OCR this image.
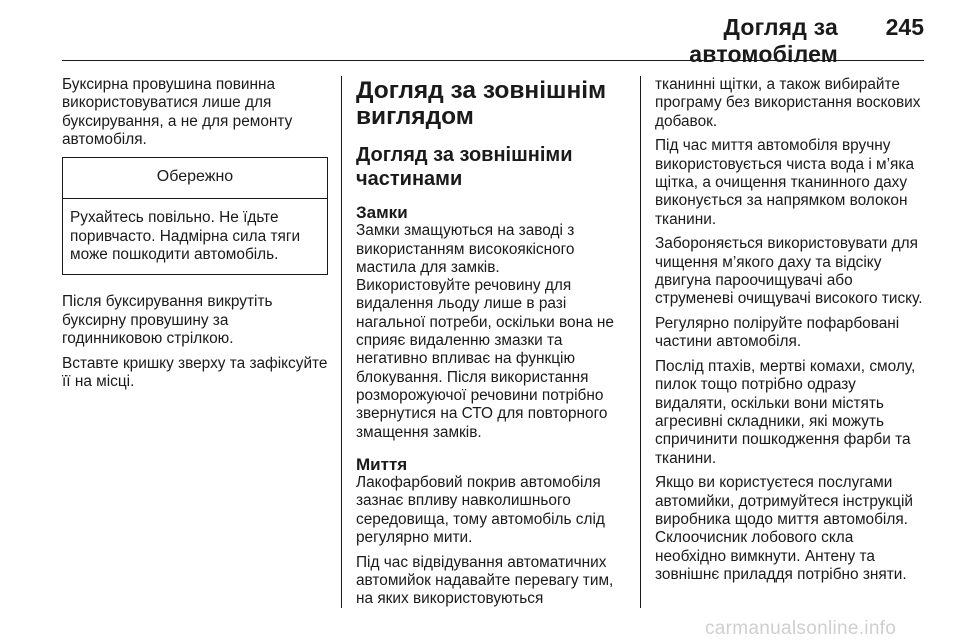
Догляд за автомобілем
245

Буксирна провушина повинна використовуватися лише для буксирування, а не для ремонту автомобіля.

Обережно
Рухайтесь повільно. Не їдьте поривчасто. Надмірна сила тяги може пошкодити автомобіль.

Після буксирування викрутіть буксирну провушину за годинниковою стрілкою.

Вставте кришку зверху та зафіксуйте її на місці.

Догляд за зовнішнім виглядом
Догляд за зовнішніми частинами
Замки

Замки змащуються на заводі з використанням високоякісного мастила для замків.

Використовуйте речовину для видалення льоду лише в разі нагальної потреби, оскільки вона не сприяє видаленню змазки та негативно впливає на функцію блокування. Після використання розморожуючої речовини потрібно звернутися на СТО для повторного змащення замків.

Миття

Лакофарбовий покрив автомобіля зазнає впливу навколишнього середовища, тому автомобіль слід регулярно мити.

Під час відвідування автоматичних автомийок надавайте перевагу тим, на яких використовуються

тканинні щітки, а також вибирайте програму без використання воскових добавок.

Під час миття автомобіля вручну використовується чиста вода і м’яка щітка, а очищення тканинного даху виконується за напрямком волокон тканини.

Забороняється використовувати для чищення м’якого даху та відсіку двигуна пароочищувачі або струменеві очищувачі високого тиску.

Регулярно поліруйте пофарбовані частини автомобіля.

Послід птахів, мертві комахи, смолу, пилок тощо потрібно одразу видаляти, оскільки вони містять агресивні складники, які можуть спричинити пошкодження фарби та тканини.

Якщо ви користуєтеся послугами автомийки, дотримуйтеся інструкцій виробника щодо миття автомобіля. Склоочисник лобового скла необхідно вимкнути. Антену та зовнішнє приладдя потрібно зняти.

carmanualsonline.info
